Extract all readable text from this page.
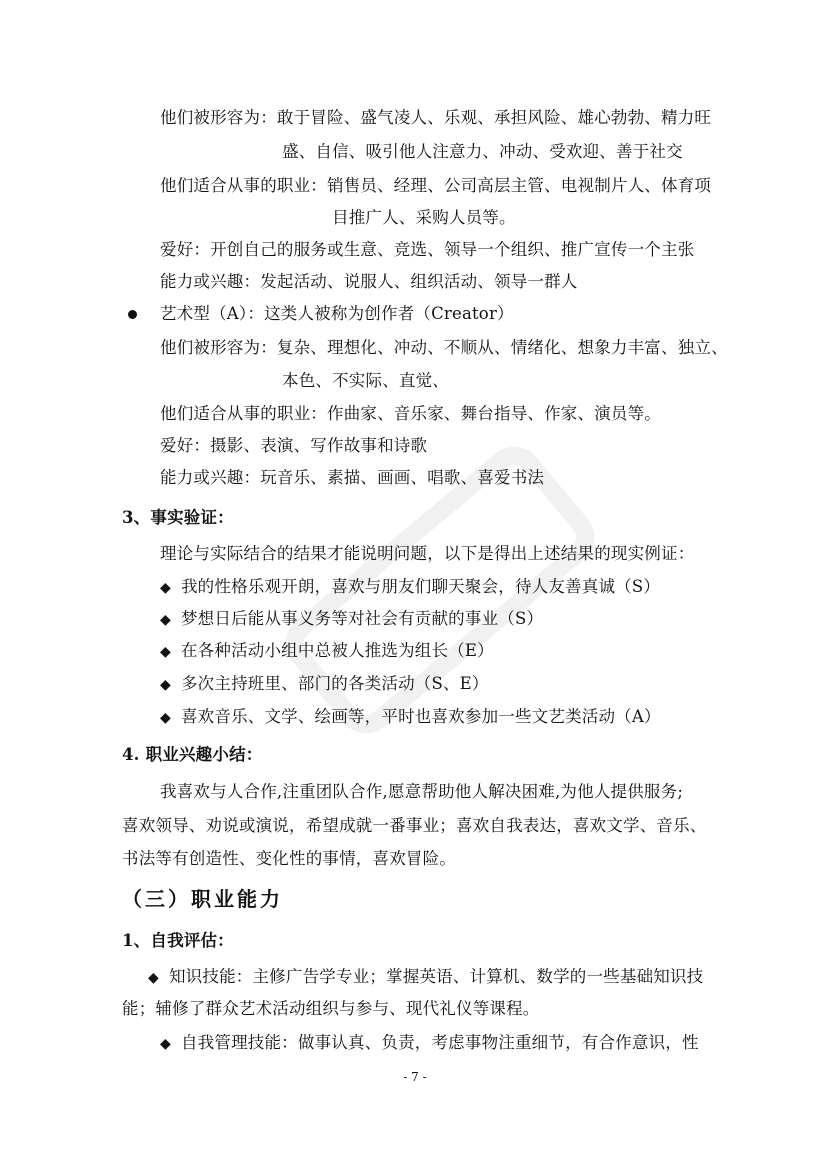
他们被形容为：敢于冒险、盛气凌人、乐观、承担风险、雄心勃勃、精力旺
盛、自信、吸引他人注意力、冲动、受欢迎、善于社交
他们适合从事的职业：销售员、经理、公司高层主管、电视制片人、体育项
目推广人、采购人员等。
爱好：开创自己的服务或生意、竞选、领导一个组织、推广宣传一个主张
能力或兴趣：发起活动、说服人、组织活动、领导一群人
艺术型（A）：这类人被称为创作者（Creator）
他们被形容为：复杂、理想化、冲动、不顺从、情绪化、想象力丰富、独立、
本色、不实际、直觉、
他们适合从事的职业：作曲家、音乐家、舞台指导、作家、演员等。
爱好：摄影、表演、写作故事和诗歌
能力或兴趣：玩音乐、素描、画画、唱歌、喜爱书法
3、事实验证：
理论与实际结合的结果才能说明问题，以下是得出上述结果的现实例证：
◆ 我的性格乐观开朗，喜欢与朋友们聊天聚会，待人友善真诚（S）
◆ 梦想日后能从事义务等对社会有贡献的事业（S）
◆ 在各种活动小组中总被人推选为组长（E）
◆ 多次主持班里、部门的各类活动（S、E）
◆ 喜欢音乐、文学、绘画等，平时也喜欢参加一些文艺类活动（A）
4. 职业兴趣小结：
我喜欢与人合作,注重团队合作,愿意帮助他人解决困难,为他人提供服务;
喜欢领导、劝说或演说，希望成就一番事业；喜欢自我表达，喜欢文学、音乐、
书法等有创造性、变化性的事情，喜欢冒险。
（三）职业能力
1、自我评估：
◆ 知识技能：主修广告学专业；掌握英语、计算机、数学的一些基础知识技
能；辅修了群众艺术活动组织与参与、现代礼仪等课程。
◆ 自我管理技能：做事认真、负责，考虑事物注重细节，有合作意识，性
- 7 -
